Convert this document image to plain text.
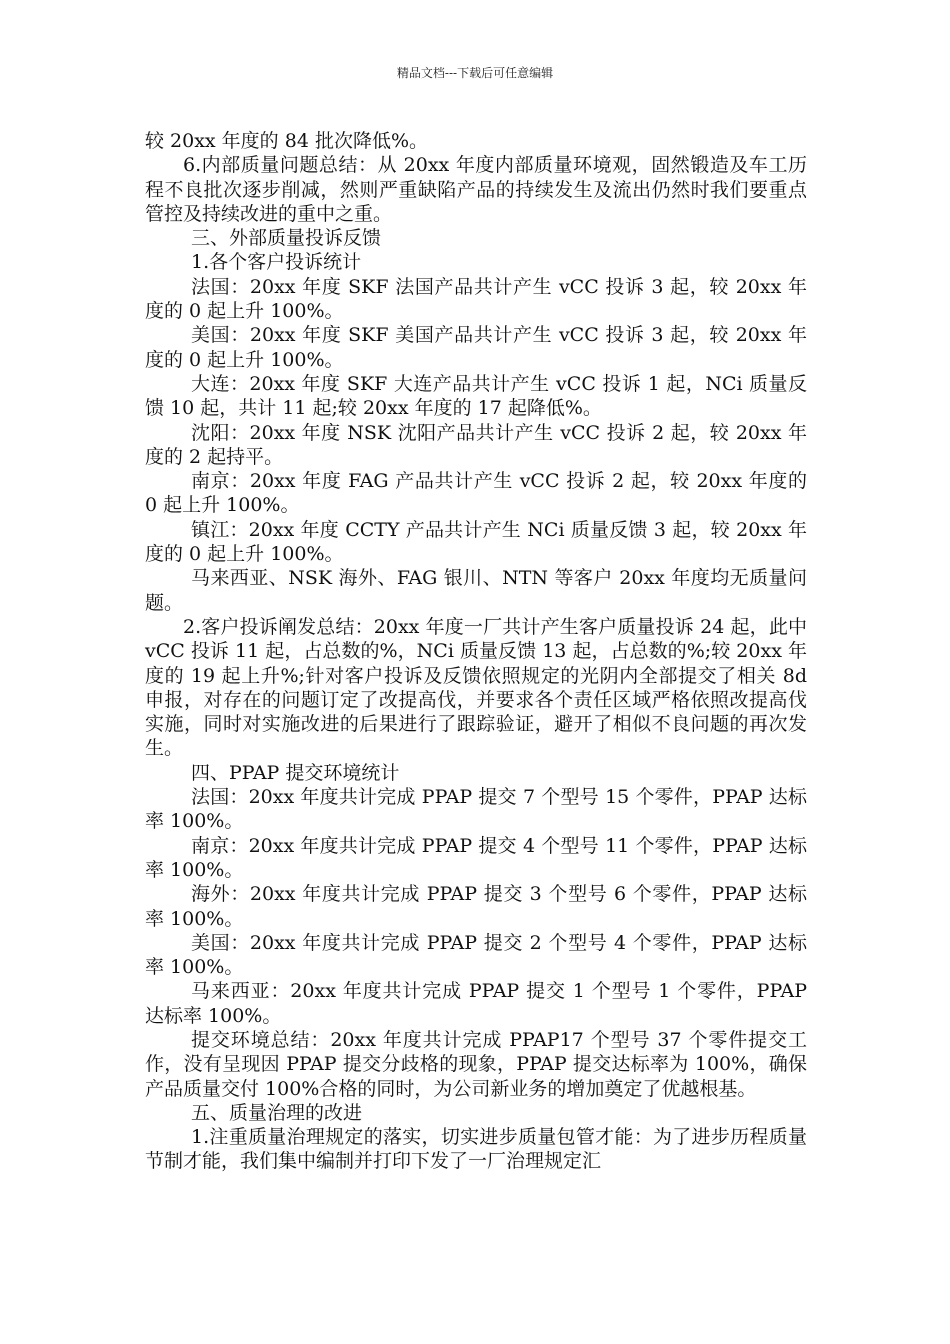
精品文档---下载后可任意编辑

较 20xx 年度的 84 批次降低%。

6.内部质量问题总结：从 20xx 年度内部质量环境观，固然锻造及车工历程不良批次逐步削减，然则严重缺陷产品的持续发生及流出仍然时我们要重点管控及持续改进的重中之重。

三、外部质量投诉反馈

1.各个客户投诉统计

法国：20xx 年度 SKF 法国产品共计产生 vCC 投诉 3 起，较 20xx 年度的 0 起上升 100%。

美国：20xx 年度 SKF 美国产品共计产生 vCC 投诉 3 起，较 20xx 年度的 0 起上升 100%。

大连：20xx 年度 SKF 大连产品共计产生 vCC 投诉 1 起，NCi 质量反馈 10 起，共计 11 起;较 20xx 年度的 17 起降低%。

沈阳：20xx 年度 NSK 沈阳产品共计产生 vCC 投诉 2 起，较 20xx 年度的 2 起持平。

南京：20xx 年度 FAG 产品共计产生 vCC 投诉 2 起，较 20xx 年度的 0 起上升 100%。

镇江：20xx 年度 CCTY 产品共计产生 NCi 质量反馈 3 起，较 20xx 年度的 0 起上升 100%。

马来西亚、NSK 海外、FAG 银川、NTN 等客户 20xx 年度均无质量问题。

2.客户投诉阐发总结：20xx 年度一厂共计产生客户质量投诉 24 起，此中 vCC 投诉 11 起，占总数的%，NCi 质量反馈 13 起，占总数的%;较 20xx 年度的 19 起上升%;针对客户投诉及反馈依照规定的光阴内全部提交了相关 8d 申报，对存在的问题订定了改提高伐，并要求各个责任区域严格依照改提高伐实施，同时对实施改进的后果进行了跟踪验证，避开了相似不良问题的再次发生。

四、PPAP 提交环境统计

法国：20xx 年度共计完成 PPAP 提交 7 个型号 15 个零件，PPAP 达标率 100%。

南京：20xx 年度共计完成 PPAP 提交 4 个型号 11 个零件，PPAP 达标率 100%。

海外：20xx 年度共计完成 PPAP 提交 3 个型号 6 个零件，PPAP 达标率 100%。

美国：20xx 年度共计完成 PPAP 提交 2 个型号 4 个零件，PPAP 达标率 100%。

马来西亚：20xx 年度共计完成 PPAP 提交 1 个型号 1 个零件，PPAP 达标率 100%。

提交环境总结：20xx 年度共计完成 PPAP17 个型号 37 个零件提交工作，没有呈现因 PPAP 提交分歧格的现象，PPAP 提交达标率为 100%，确保产品质量交付 100%合格的同时，为公司新业务的增加奠定了优越根基。

五、质量治理的改进

1.注重质量治理规定的落实，切实进步质量包管才能：为了进步历程质量节制才能，我们集中编制并打印下发了一厂治理规定汇
